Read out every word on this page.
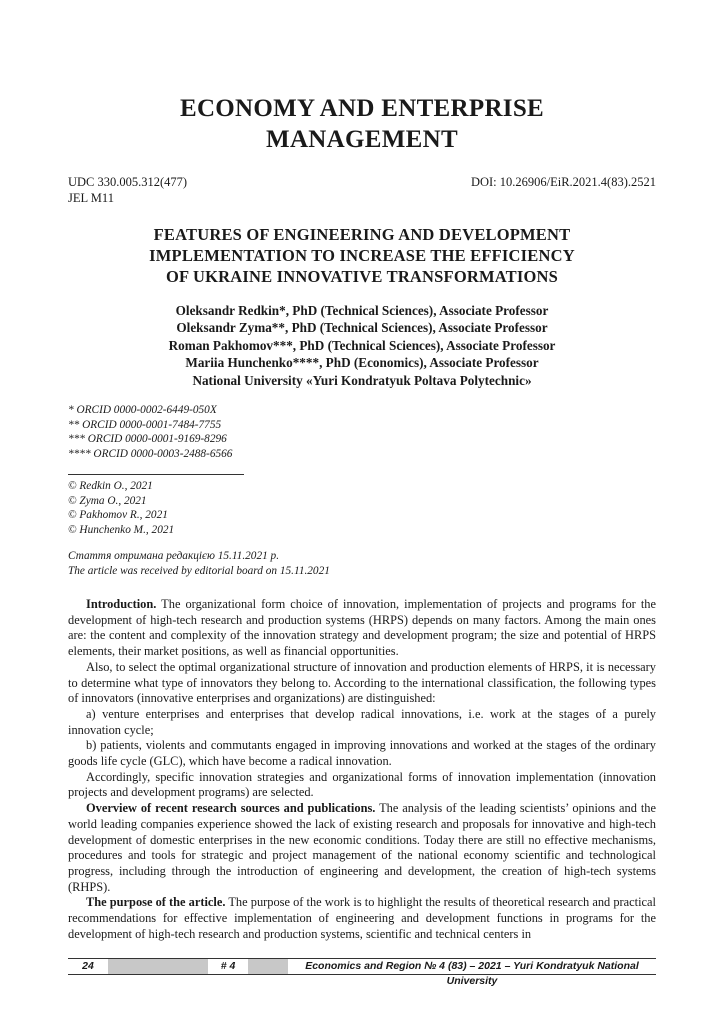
ECONOMY AND ENTERPRISE
MANAGEMENT
UDC 330.005.312(477)
JEL M11
DOI: 10.26906/EiR.2021.4(83).2521
FEATURES OF ENGINEERING AND DEVELOPMENT
IMPLEMENTATION TO INCREASE THE EFFICIENCY
OF UKRAINE INNOVATIVE TRANSFORMATIONS
Oleksandr Redkin*, PhD (Technical Sciences), Associate Professor
Oleksandr Zyma**, PhD (Technical Sciences), Associate Professor
Roman Pakhomov***, PhD (Technical Sciences), Associate Professor
Mariia Hunchenko****, PhD (Economics), Associate Professor
National University «Yuri Kondratyuk Poltava Polytechnic»
* ORCID 0000-0002-6449-050X
** ORCID 0000-0001-7484-7755
*** ORCID 0000-0001-9169-8296
**** ORCID 0000-0003-2488-6566
© Redkin O., 2021
© Zyma O., 2021
© Pakhomov R., 2021
© Hunchenko M., 2021
Стаття отримана редакцією 15.11.2021 р.
The article was received by editorial board on 15.11.2021

Introduction. The organizational form choice of innovation, implementation of projects and programs for the development of high-tech research and production systems (HRPS) depends on many factors. Among the main ones are: the content and complexity of the innovation strategy and development program; the size and potential of HRPS elements, their market positions, as well as financial opportunities.

Also, to select the optimal organizational structure of innovation and production elements of HRPS, it is necessary to determine what type of innovators they belong to. According to the international classification, the following types of innovators (innovative enterprises and organizations) are distinguished:

a) venture enterprises and enterprises that develop radical innovations, i.e. work at the stages of a purely innovation cycle;

b) patients, violents and commutants engaged in improving innovations and worked at the stages of the ordinary goods life cycle (GLC), which have become a radical innovation.

Accordingly, specific innovation strategies and organizational forms of innovation implementation (innovation projects and development programs) are selected.

Overview of recent research sources and publications. The analysis of the leading scientists’ opinions and the world leading companies experience showed the lack of existing research and proposals for innovative and high-tech development of domestic enterprises in the new economic conditions. Today there are still no effective mechanisms, procedures and tools for strategic and project management of the national economy scientific and technological progress, including through the introduction of engineering and development, the creation of high-tech systems (RHPS).

The purpose of the article. The purpose of the work is to highlight the results of theoretical research and practical recommendations for effective implementation of engineering and development functions in programs for the development of high-tech research and production systems, scientific and technical centers in

24	# 4	Economics and Region № 4 (83) – 2021 – Yuri Kondratyuk National University
